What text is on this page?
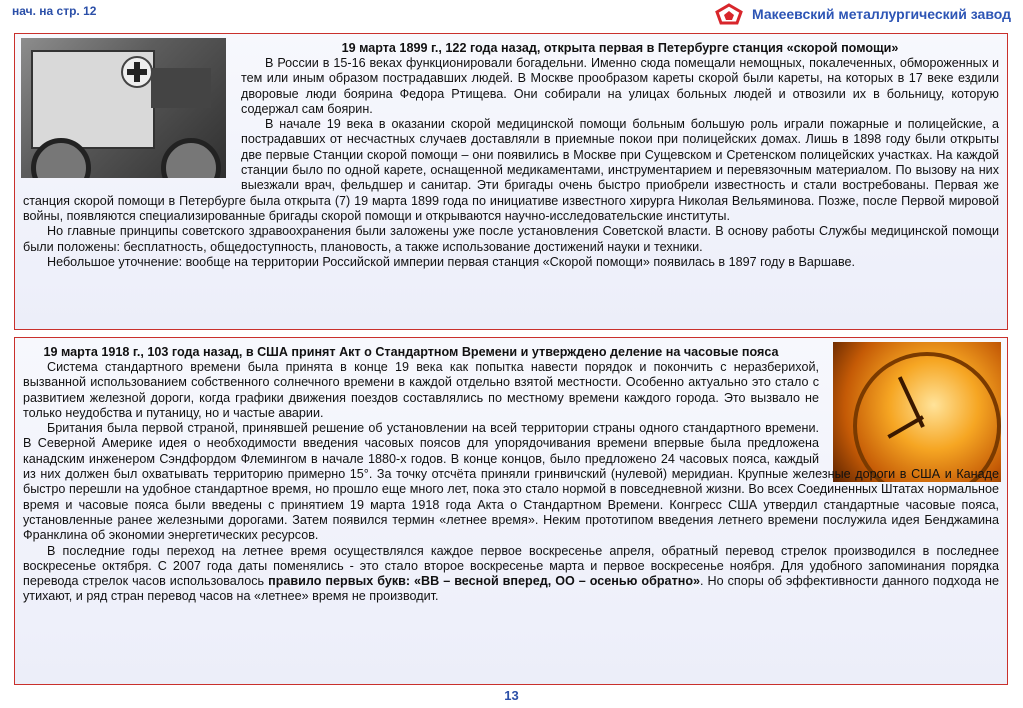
нач. на стр. 12	Макеевский металлургический завод
19 марта 1899 г., 122 года назад, открыта первая в Петербурге станция «скорой помощи»

В России в 15-16 веках функционировали богадельни. Именно сюда помещали немощных, покалеченных, обмороженных и тем или иным образом пострадавших людей. В Москве прообразом кареты скорой были кареты, на которых в 17 веке ездили дворовые люди боярина Федора Ртищева. Они собирали на улицах больных людей и отвозили их в больницу, которую содержал сам боярин.

В начале 19 века в оказании скорой медицинской помощи больным большую роль играли пожарные и полицейские, а пострадавших от несчастных случаев доставляли в приемные покои при полицейских домах. Лишь в 1898 году были открыты две первые Станции скорой помощи – они появились в Москве при Сущевском и Сретенском полицейских участках. На каждой станции было по одной карете, оснащенной медикаментами, инструментарием и перевязочным материалом. По вызову на них выезжали врач, фельдшер и санитар. Эти бригады очень быстро приобрели известность и стали востребованы. Первая же станция скорой помощи в Петербурге была открыта (7) 19 марта 1899 года по инициативе известного хирурга Николая Вельяминова. Позже, после Первой мировой войны, появляются специализированные бригады скорой помощи и открываются научно-исследовательские институты.

Но главные принципы советского здравоохранения были заложены уже после установления Советской власти. В основу работы Службы медицинской помощи были положены: бесплатность, общедоступность, плановость, а также использование достижений науки и техники.

Небольшое уточнение: вообще на территории Российской империи первая станция «Скорой помощи» появилась в 1897 году в Варшаве.

19 марта 1918 г., 103 года назад, в США принят Акт о Стандартном Времени и утверждено деление на часовые пояса

Система стандартного времени была принята в конце 19 века как попытка навести порядок и покончить с неразберихой, вызванной использованием собственного солнечного времени в каждой отдельно взятой местности. Особенно актуально это стало с развитием железной дороги, когда графики движения поездов составлялись по местному времени каждого города. Это вызвало не только неудобства и путаницу, но и частые аварии.

Британия была первой страной, принявшей решение об установлении на всей территории страны одного стандартного времени. В Северной Америке идея о необходимости введения часовых поясов для упорядочивания времени впервые была предложена канадским инженером Сэндфордом Флемингом в начале 1880-х годов. В конце концов, было предложено 24 часовых пояса, каждый из них должен был охватывать территорию примерно 15°. За точку отсчёта приняли гринвичский (нулевой) меридиан. Крупные железные дороги в США и Канаде быстро перешли на удобное стандартное время, но прошло еще много лет, пока это стало нормой в повседневной жизни. Во всех Соединенных Штатах нормальное время и часовые пояса были введены с принятием 19 марта 1918 года Акта о Стандартном Времени. Конгресс США утвердил стандартные часовые пояса, установленные ранее железными дорогами. Затем появился термин «летнее время». Неким прототипом введения летнего времени послужила идея Бенджамина Франклина об экономии энергетических ресурсов.

В последние годы переход на летнее время осуществлялся каждое первое воскресенье апреля, обратный перевод стрелок производился в последнее воскресенье октября. С 2007 года даты поменялись - это стало второе воскресенье марта и первое воскресенье ноября. Для удобного запоминания порядка перевода стрелок часов использовалось правило первых букв: «ВВ – весной вперед, ОО – осенью обратно». Но споры об эффективности данного подхода не утихают, и ряд стран перевод часов на «летнее» время не производит.

13
